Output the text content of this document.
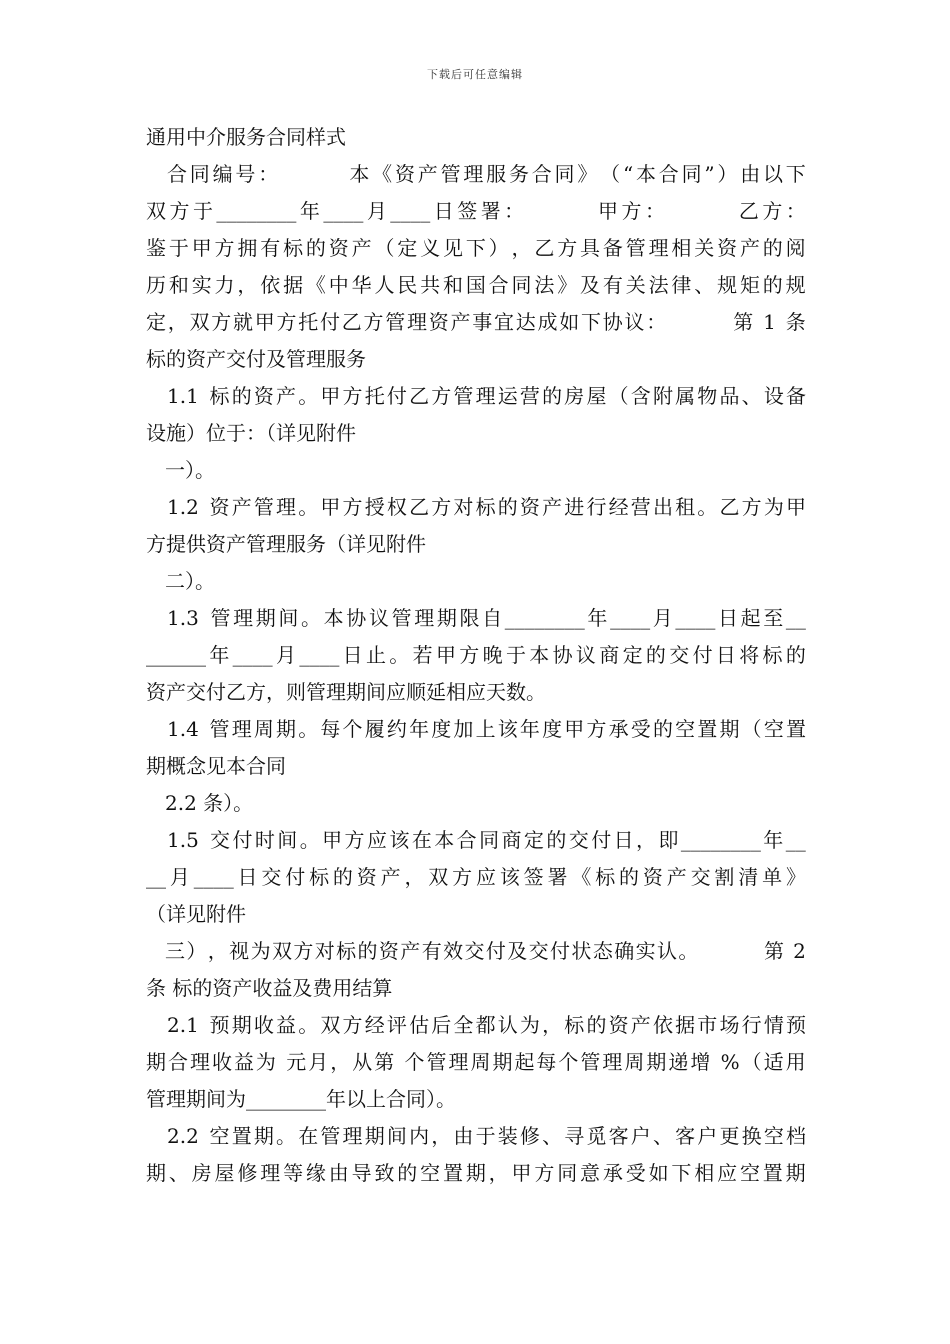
下载后可任意编辑
通用中介服务合同样式
合 同 编 号 ：

　	本 《 资 产 管 理 服 务 合 同 》 （ “ 本 合 同 ” ） 由 以 下
双 方 于 ________ 年 ____ 月 ____ 日 签 署 ：

　	甲 方 ：

　	乙 方 ：
鉴 于 甲 方 拥 有 标 的 资 产 （ 定 义 见 下 ） ， 乙 方 具 备 管 理 相 关 资 产 的 阅
历 和 实 力 ， 依 据 《 中 华 人 民 共 和 国 合 同 法 》 及 有 关 法 律 、 规 矩 的 规
定 ， 双 方 就 甲 方 托 付 乙 方 管 理 资 产 事 宜 达 成 如 下 协 议 ：

　	第
1
条
标的资产交付及管理服务
1.1
标 的 资 产 。 甲 方 托 付 乙 方 管 理 运 营 的 房 屋 （ 含 附 属 物 品 、 设 备
设施）位于：（详见附件
一）。
1.2
资 产 管 理 。 甲 方 授 权 乙 方 对 标 的 资 产 进 行 经 营 出 租 。 乙 方 为 甲
方提供资产管理服务（详见附件
二）。
1.3
管 理 期 间 。 本 协 议 管 理 期 限 自 ________ 年 ____ 月 ____ 日 起 至 __
______ 年 ____ 月 ____ 日 止 。 若 甲 方 晚 于 本 协 议 商 定 的 交 付 日 将 标 的
资产交付乙方，则管理期间应顺延相应天数。
1.4
管 理 周 期 。 每 个 履 约 年 度 加 上 该 年 度 甲 方 承 受 的 空 置 期 （ 空 置
期概念见本合同
2.2 条）。
1.5
交 付 时 间 。 甲 方 应 该 在 本 合 同 商 定 的 交 付 日 ， 即 ________ 年 __
__ 月 ____ 日 交 付 标 的 资 产 ， 双 方 应 该 签 署 《 标 的 资 产 交 割 清 单 》
（详见附件
三 ） ， 视 为 双 方 对 标 的 资 产 有 效 交 付 及 交 付 状 态 确 实 认 。

　	第
2
条 标的资产收益及费用结算
2.1
预 期 收 益 。 双 方 经 评 估 后 全 都 认 为 ， 标 的 资 产 依 据 市 场 行 情 预
期 合 理 收 益 为
元 月 ， 从 第
个 管 理 周 期 起 每 个 管 理 周 期 递 增
% （ 适 用
管理期间为________年以上合同）。
2.2
空 置 期 。 在 管 理 期 间 内 ， 由 于 装 修 、 寻 觅 客 户 、 客 户 更 换 空 档
期 、 房 屋 修 理 等 缘 由 导 致 的 空 置 期 ， 甲 方 同 意 承 受 如 下 相 应 空 置 期
